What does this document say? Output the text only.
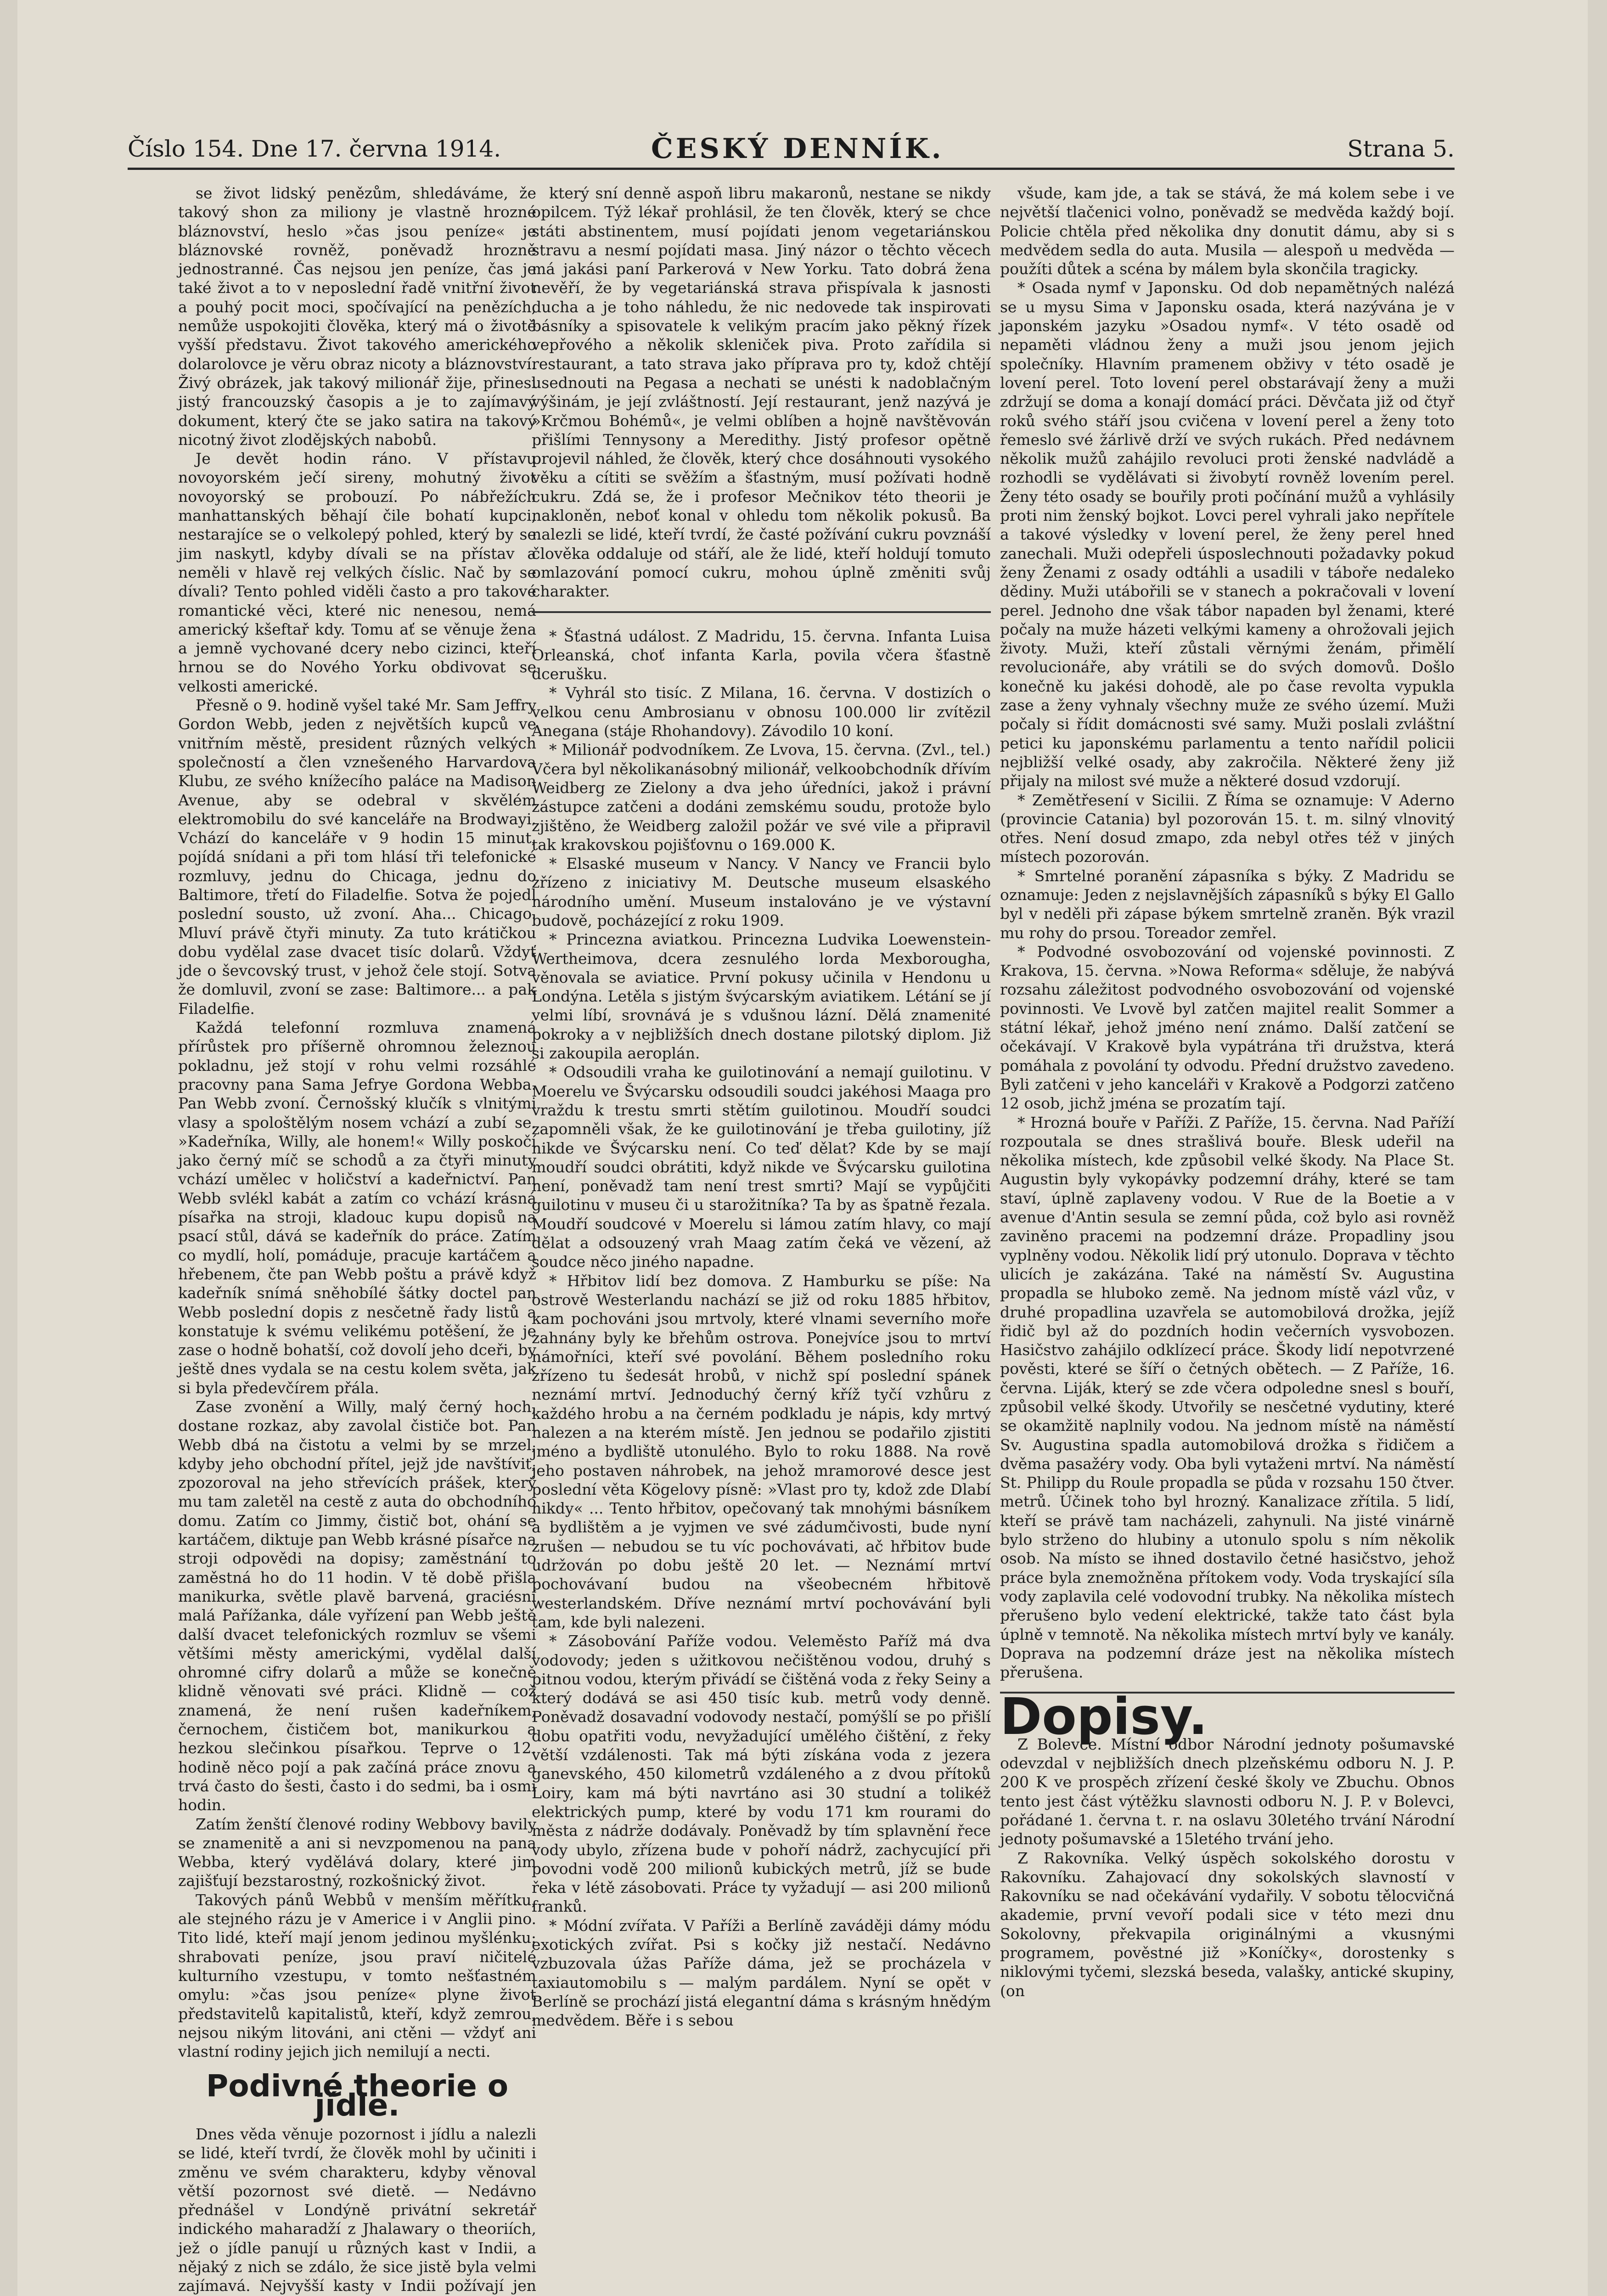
Číslo 154. Dne 17. června 1914.	ČESKÝ DENNÍK.	Strana 5.

se život lidský penězům, shledáváme, že takový shon za miliony je vlastně hrozné bláznovství, heslo »čas jsou peníze« je bláznovské rovněž, poněvadž hrozně jednostranné. Čas nejsou jen peníze, čas je také život a to v neposlední řadě vnitřní život a pouhý pocit moci, spočívající na penězích, nemůže uspokojiti člověka, který má o životě vyšší představu. Život takového amerického dolarolovce je věru obraz nicoty a bláznovství. Živý obrázek, jak takový milionář žije, přinesl jistý francouzský časopis a je to zajímavý dokument, který čte se jako satira na takový nicotný život zlodějských nabobů.

Je devět hodin ráno. V přístavu novoyorském ječí sireny, mohutný život novoyorský se probouzí. Po nábřežích manhattanských běhají čile bohatí kupci, nestarajíce se o velkolepý pohled, který by se jim naskytl, kdyby dívali se na přístav a neměli v hlavě rej velkých číslic. Nač by se dívali? Tento pohled viděli často a pro takové romantické věci, které nic nenesou, nemá americký kšeftař kdy. Tomu ať se věnuje žena a jemně vychované dcery nebo cizinci, kteří hrnou se do Nového Yorku obdivovat se velkosti americké.

Přesně o 9. hodině vyšel také Mr. Sam Jeffry Gordon Webb, jeden z největších kupců ve vnitřním městě, president různých velkých společností a člen vznešeného Harvardova Klubu, ze svého knížecího paláce na Madison Avenue, aby se odebral v skvělém elektromobilu do své kanceláře na Brodwayi. Vchází do kanceláře v 9 hodin 15 minut, pojídá snídani a při tom hlásí tři telefonické rozmluvy, jednu do Chicaga, jednu do Baltimore, třetí do Filadelfie. Sotva že pojedl poslední sousto, už zvoní. Aha... Chicago. Mluví právě čtyři minuty. Za tuto krátičkou dobu vydělal zase dvacet tisíc dolarů. Vždyť jde o ševcovský trust, v jehož čele stojí. Sotva že domluvil, zvoní se zase: Baltimore... a pak Filadelfie.

Každá telefonní rozmluva znamená přírůstek pro příšerně ohromnou železnou pokladnu, jež stojí v rohu velmi rozsáhlé pracovny pana Sama Jefrye Gordona Webba. Pan Webb zvoní. Černošský klučík s vlnitými vlasy a spološtělým nosem vchází a zubí se. »Kadeřníka, Willy, ale honem!« Willy poskočí jako černý míč se schodů a za čtyři minuty vchází umělec v holičství a kadeřnictví. Pan Webb svlékl kabát a zatím co vchází krásná písařka na stroji, kladouc kupu dopisů na psací stůl, dává se kadeřník do práce. Zatím co mydlí, holí, pomáduje, pracuje kartáčem a hřebenem, čte pan Webb poštu a právě když kadeřník snímá sněhobílé šátky doctel pan Webb poslední dopis z nesčetně řady listů a konstatuje k svému velikému potěšení, že je zase o hodně bohatší, což dovolí jeho dceři, by ještě dnes vydala se na cestu kolem světa, jak si byla předevčírem přála.

Zase zvonění a Willy, malý černý hoch, dostane rozkaz, aby zavolal čističe bot. Pan Webb dbá na čistotu a velmi by se mrzel, kdyby jeho obchodní přítel, jejž jde navštívit, zpozoroval na jeho střevících prášek, který mu tam zaletěl na cestě z auta do obchodního domu. Zatím co Jimmy, čistič bot, ohání se kartáčem, diktuje pan Webb krásné písařce na stroji odpovědi na dopisy; zaměstnání to zaměstná ho do 11 hodin. V tě době přišla manikurka, světle plavě barvená, graciésní malá Pařížanka, dále vyřízení pan Webb ještě další dvacet telefonických rozmluv se všemi většími městy americkými, vydělal další ohromné cifry dolarů a může se konečně klidně věnovati své práci. Klidně — což znamená, že není rušen kadeřníkem, černochem, čističem bot, manikurkou a hezkou slečinkou písařkou. Teprve o 12. hodině něco pojí a pak začíná práce znovu a trvá často do šesti, často i do sedmi, ba i osmi hodin.

Zatím ženští členové rodiny Webbovy bavily se znamenitě a ani si nevzpomenou na pana Webba, který vydělává dolary, které jim zajišťují bezstarostný, rozkošnický život.

Takových pánů Webbů v menším měřítku, ale stejného rázu je v Americe i v Anglii pino. Tito lidé, kteří mají jenom jedinou myšlénku: shrabovati peníze, jsou praví ničitelé kulturního vzestupu, v tomto nešťastném omylu: »čas jsou peníze« plyne život představitelů kapitalistů, kteří, když zemrou, nejsou nikým litováni, ani ctěni — vždyť ani vlastní rodiny jejich jich nemilují a necti.

Podivné theorie o jídle.

Dnes věda věnuje pozornost i jídlu a nalezli se lidé, kteří tvrdí, že člověk mohl by učiniti i změnu ve svém charakteru, kdyby věnoval větší pozornost své dietě. — Nedávno přednášel v Londýně privátní sekretář indického maharadží z Jhalawary o theoriích, jež o jídle panují u různých kast v Indii, a nějaký z nich se zdálo, že sice jistě byla velmi zajímavá. Nejvyšší kasty v Indii požívají jen

který sní denně aspoň libru makaronů, nestane se nikdy opilcem. Týž lékař prohlásil, že ten člověk, který se chce státi abstinentem, musí pojídati jenom vegetariánskou stravu a nesmí pojídati masa. Jiný názor o těchto věcech má jakási paní Parkerová v New Yorku. Tato dobrá žena nevěří, že by vegetariánská strava přispívala k jasnosti ducha a je toho náhledu, že nic nedovede tak inspirovati básníky a spisovatele k velikým pracím jako pěkný řízek vepřového a několik skleniček piva. Proto zařídila si restaurant, a tato strava jako příprava pro ty, kdož chtějí usednouti na Pegasa a nechati se unésti k nadoblačným výšinám, je její zvláštností. Její restaurant, jenž nazývá je »Krčmou Bohémů«, je velmi oblíben a hojně navštěvován přišlími Tennysony a Meredithy. Jistý profesor opětně projevil náhled, že člověk, který chce dosáhnouti vysokého věku a cítiti se svěžím a šťastným, musí požívati hodně cukru. Zdá se, že i profesor Mečnikov této theorii je nakloněn, neboť konal v ohledu tom několik pokusů. Ba nalezli se lidé, kteří tvrdí, že časté požívání cukru povznáší člověka oddaluje od stáří, ale že lidé, kteří holdují tomuto omlazování pomocí cukru, mohou úplně změniti svůj charakter.

* Šťastná událost. Z Madridu, 15. června. Infanta Luisa Orleanská, choť infanta Karla, povila včera šťastně dcerušku.

* Vyhrál sto tisíc. Z Milana, 16. června. V dostizích o velkou cenu Ambrosianu v obnosu 100.000 lir zvítězil Anegana (stáje Rhohandovy). Závodilo 10 koní.

* Milionář podvodníkem. Ze Lvova, 15. června. (Zvl., tel.) Včera byl několikanásobný milionář, velkoobchodník dřívím Weidberg ze Zielony a dva jeho úředníci, jakož i právní zástupce zatčeni a dodáni zemskému soudu, protože bylo zjištěno, že Weidberg založil požár ve své vile a připravil tak krakovskou pojišťovnu o 169.000 K.

* Elsaské museum v Nancy. V Nancy ve Francii bylo zřízeno z iniciativy M. Deutsche museum elsaského národního umění. Museum instalováno je ve výstavní budově, pocházející z roku 1909.

* Princezna aviatkou. Princezna Ludvika Loewenstein-Wertheimova, dcera zesnulého lorda Mexborougha, věnovala se aviatice. První pokusy učinila v Hendonu u Londýna. Letěla s jistým švýcarským aviatikem. Létání se jí velmi líbí, srovnává je s vdušnou lázní. Dělá znamenité pokroky a v nejbližších dnech dostane pilotský diplom. Již si zakoupila aeroplán.

* Odsoudili vraha ke guilotinování a nemají guilotinu. V Moerelu ve Švýcarsku odsoudili soudci jakéhosi Maaga pro vraždu k trestu smrti stětím guilotinou. Moudří soudci zapomněli však, že ke guilotinování je třeba guilotiny, jíž nikde ve Švýcarsku není. Co teď dělat? Kde by se mají moudří soudci obrátiti, když nikde ve Švýcarsku guilotina není, poněvadž tam není trest smrti? Mají se vypůjčiti guilotinu v museu či u starožitníka? Ta by as špatně řezala. Moudří soudcové v Moerelu si lámou zatím hlavy, co mají dělat a odsouzený vrah Maag zatím čeká ve vězení, až soudce něco jiného napadne.

* Hřbitov lidí bez domova. Z Hamburku se píše: Na ostrově Westerlandu nachází se již od roku 1885 hřbitov, kam pochováni jsou mrtvoly, které vlnami severního moře zahnány byly ke břehům ostrova. Ponejvíce jsou to mrtví námořníci, kteří své povolání. Během posledního roku zřízeno tu šedesát hrobů, v nichž spí poslední spánek neznámí mrtví. Jednoduchý černý kříž tyčí vzhůru z každého hrobu a na černém podkladu je nápis, kdy mrtvý nalezen a na kterém místě. Jen jednou se podařilo zjistiti jméno a bydliště utonulého. Bylo to roku 1888. Na rově jeho postaven náhrobek, na jehož mramorové desce jest poslední věta Kögelovy písně: »Vlast pro ty, kdož zde Dlabí nikdy« ... Tento hřbitov, opečovaný tak mnohými básníkem a bydlištěm a je vyjmen ve své zádumčivosti, bude nyní zrušen — nebudou se tu víc pochovávati, ač hřbitov bude udržován po dobu ještě 20 let. — Neznámí mrtví pochovávaní budou na všeobecném hřbitově westerlandském. Dříve neznámí mrtví pochovávání byli tam, kde byli nalezeni.

* Zásobování Paříže vodou. Veleměsto Paříž má dva vodovody; jeden s užitkovou nečištěnou vodou, druhý s pitnou vodou, kterým přivádí se čištěná voda z řeky Seiny a který dodává se asi 450 tisíc kub. metrů vody denně. Poněvadž dosavadní vodovody nestačí, pomýšlí se po přišlí dobu opatřiti vodu, nevyžadující umělého čištění, z řeky větší vzdálenosti. Tak má býti získána voda z jezera ganevského, 450 kilometrů vzdáleného a z dvou přítoků Loiry, kam má býti navrtáno asi 30 studní a tolikéž elektrických pump, které by vodu 171 km rourami do města z nádrže dodávaly. Poněvadž by tím splavnění řece vody ubylo, zřízena bude v pohoří nádrž, zachycující při povodni vodě 200 milionů kubických metrů, jíž se bude řeka v létě zásobovati. Práce ty vyžadují — asi 200 milionů franků.

* Módní zvířata. V Paříži a Berlíně zaváději dámy módu exotických zvířat. Psi s kočky již nestačí. Nedávno vzbuzovala úžas Paříže dáma, jež se procházela v taxiautomobilu s — malým pardálem. Nyní se opět v Berlíně se prochází jistá elegantní dáma s krásným hnědým medvědem. Běře i s sebou

všude, kam jde, a tak se stává, že má kolem sebe i ve největší tlačenici volno, poněvadž se medvěda každý bojí. Policie chtěla před několika dny donutit dámu, aby si s medvědem sedla do auta. Musila — alespoň u medvěda — použíti důtek a scéna by málem byla skončila tragicky.

* Osada nymf v Japonsku. Od dob nepamětných nalézá se u mysu Sima v Japonsku osada, která nazývána je v japonském jazyku »Osadou nymf«. V této osadě od nepaměti vládnou ženy a muži jsou jenom jejich společníky. Hlavním pramenem obživy v této osadě je lovení perel. Toto lovení perel obstarávají ženy a muži zdržují se doma a konají domácí práci. Děvčata již od čtyř roků svého stáří jsou cvičena v lovení perel a ženy toto řemeslo své žárlivě drží ve svých rukách. Před nedávnem několik mužů zahájilo revoluci proti ženské nadvládě a rozhodli se vydělávati si živobytí rovněž lovením perel. Ženy této osady se bouřily proti počínání mužů a vyhlásily proti nim ženský bojkot. Lovci perel vyhrali jako nepřítele a takové výsledky v lovení perel, že ženy perel hned zanechali. Muži odepřeli úsposlechnouti požadavky pokud ženy Ženami z osady odtáhli a usadili v táboře nedaleko dědiny. Muži utábořili se v stanech a pokračovali v lovení perel. Jednoho dne však tábor napaden byl ženami, které počaly na muže házeti velkými kameny a ohrožovali jejich životy. Muži, kteří zůstali věrnými ženám, přimělí revolucionáře, aby vrátili se do svých domovů. Došlo konečně ku jakési dohodě, ale po čase revolta vypukla zase a ženy vyhnaly všechny muže ze svého území. Muži počaly si řídit domácnosti své samy. Muži poslali zvláštní petici ku japonskému parlamentu a tento nařídil policii nejbližší velké osady, aby zakročila. Některé ženy již přijaly na milost své muže a některé dosud vzdorují.

* Zemětřesení v Sicilii. Z Říma se oznamuje: V Aderno (provincie Catania) byl pozorován 15. t. m. silný vlnovitý otřes. Není dosud zmapo, zda nebyl otřes též v jiných místech pozorován.

* Smrtelné poranění zápasníka s býky. Z Madridu se oznamuje: Jeden z nejslavnějších zápasníků s býky El Gallo byl v neděli při zápase býkem smrtelně zraněn. Býk vrazil mu rohy do prsou. Toreador zemřel.

* Podvodné osvobozování od vojenské povinnosti. Z Krakova, 15. června. »Nowa Reforma« sděluje, že nabývá rozsahu záležitost podvodného osvobozování od vojenské povinnosti. Ve Lvově byl zatčen majitel realit Sommer a státní lékař, jehož jméno není známo. Další zatčení se očekávají. V Krakově byla vypátrána tři družstva, která pomáhala z povolání ty odvodu. Přední družstvo zavedeno. Byli zatčeni v jeho kanceláři v Krakově a Podgorzi zatčeno 12 osob, jichž jména se prozatím tají.

* Hrozná bouře v Paříži. Z Paříže, 15. června. Nad Paříží rozpoutala se dnes strašlivá bouře. Blesk udeřil na několika místech, kde způsobil velké škody. Na Place St. Augustin byly vykopávky podzemní dráhy, které se tam staví, úplně zaplaveny vodou. V Rue de la Boetie a v avenue d'Antin sesula se zemní půda, což bylo asi rovněž zaviněno pracemi na podzemní dráze. Propadliny jsou vyplněny vodou. Několik lidí prý utonulo. Doprava v těchto ulicích je zakázána. Také na náměstí Sv. Augustina propadla se hluboko země. Na jednom místě vázl vůz, v druhé propadlina uzavřela se automobilová drožka, jejíž řidič byl až do pozdních hodin večerních vysvobozen. Hasičstvo zahájilo odklízecí práce. Škody lidí nepotvrzené pověsti, které se šíří o četných obětech. — Z Paříže, 16. června. Liják, který se zde včera odpoledne snesl s bouří, způsobil velké škody. Utvořily se nesčetné vydutiny, které se okamžitě naplnily vodou. Na jednom místě na náměstí Sv. Augustina spadla automobilová drožka s řidičem a dvěma pasažéry vody. Oba byli vytaženi mrtví. Na náměstí St. Philipp du Roule propadla se půda v rozsahu 150 čtver. metrů. Účinek toho byl hrozný. Kanalizace zřítila. 5 lidí, kteří se právě tam nacházeli, zahynuli. Na jisté vinárně bylo strženo do hlubiny a utonulo spolu s ním několik osob. Na místo se ihned dostavilo četné hasičstvo, jehož práce byla znemožněna přítokem vody. Voda tryskající síla vody zaplavila celé vodovodní trubky. Na několika místech přerušeno bylo vedení elektrické, takže tato část byla úplně v temnotě. Na několika místech mrtví byly ve kanály. Doprava na podzemní dráze jest na několika místech přerušena.

Dopisy.

Z Bolevce. Místní odbor Národní jednoty pošumavské odevzdal v nejbližších dnech plzeňskému odboru N. J. P. 200 K ve prospěch zřízení české školy ve Zbuchu. Obnos tento jest část výtěžku slavnosti odboru N. J. P. v Bolevci, pořádané 1. června t. r. na oslavu 30letého trvání Národní jednoty pošumavské a 15letého trvání jeho.

Z Rakovníka. Velký úspěch sokolského dorostu v Rakovníku. Zahajovací dny sokolských slavností v Rakovníku se nad očekávání vydařily. V sobotu tělocvičná akademie, první vevoří podali sice v této mezi dnu Sokolovny, překvapila originálnými a vkusnými programem, pověstné již »Koníčky«, dorostenky s niklovými tyčemi, slezská beseda, valašky, antické skupiny, (on
